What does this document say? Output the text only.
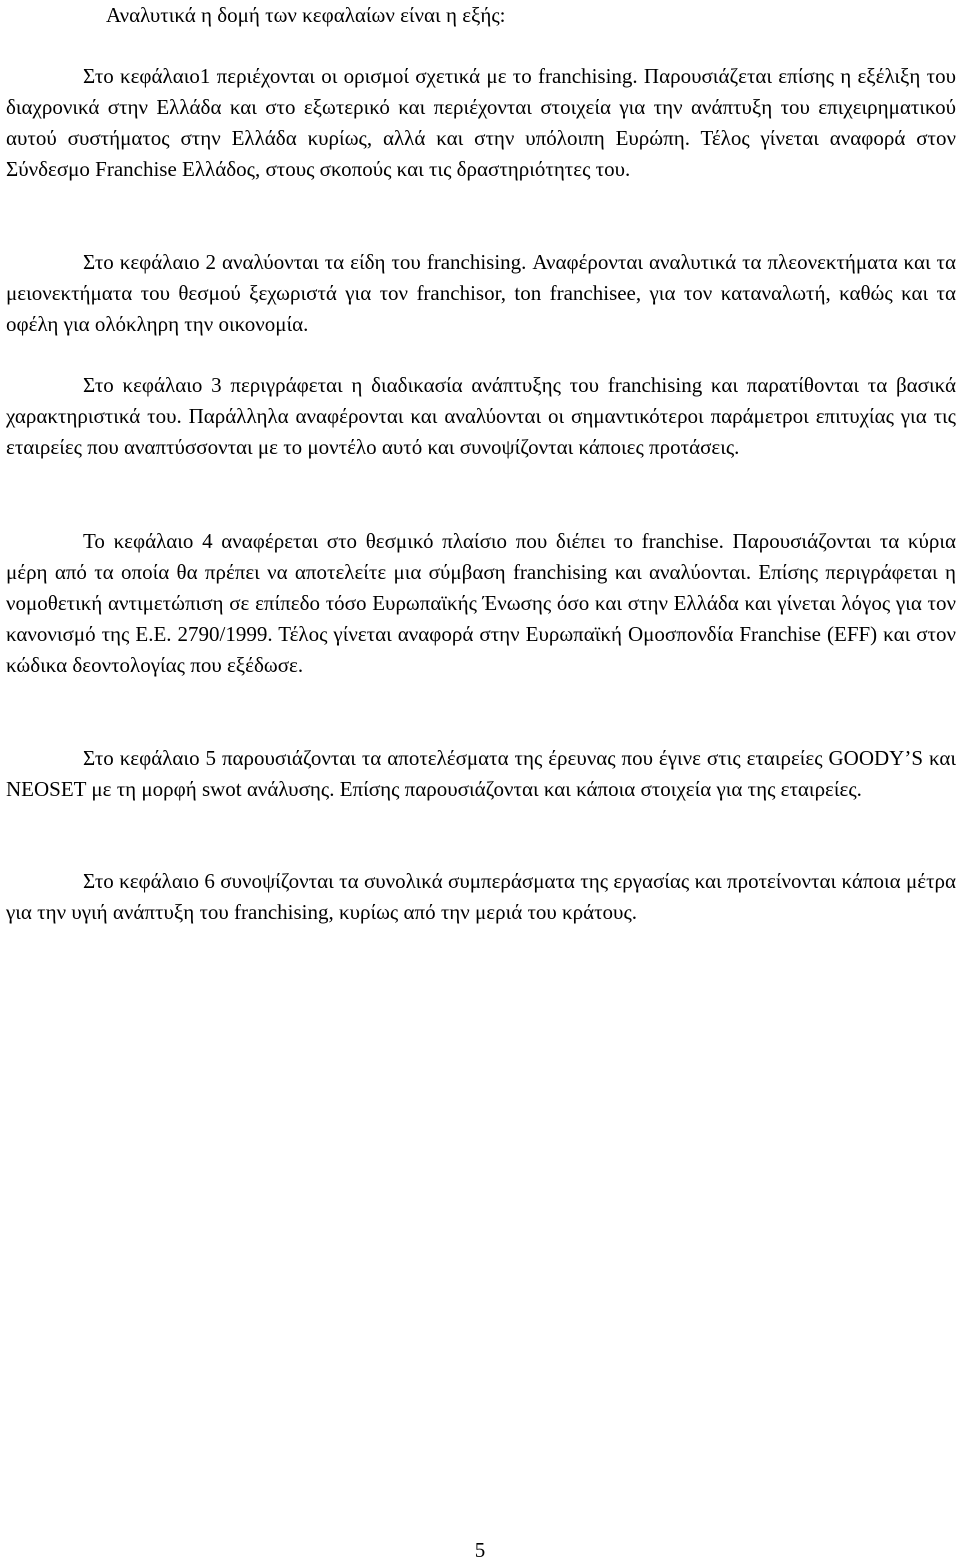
Αναλυτικά η δομή των κεφαλαίων είναι η εξής:

Στο κεφάλαιο1 περιέχονται οι ορισμοί σχετικά με το franchising. Παρουσιάζεται επίσης η εξέλιξη του διαχρονικά στην Ελλάδα και στο εξωτερικό και περιέχονται στοιχεία για την ανάπτυξη του επιχειρηματικού αυτού συστήματος στην Ελλάδα κυρίως, αλλά και στην υπόλοιπη Ευρώπη. Τέλος γίνεται αναφορά στον Σύνδεσμο Franchise Ελλάδος, στους σκοπούς και τις δραστηριότητες του.

Στο κεφάλαιο 2 αναλύονται τα είδη του franchising. Αναφέρονται αναλυτικά τα πλεονεκτήματα και τα μειονεκτήματα του θεσμού ξεχωριστά για τον franchisor, ton franchisee, για τον καταναλωτή, καθώς και τα οφέλη για ολόκληρη την οικονομία.

Στο κεφάλαιο 3 περιγράφεται η διαδικασία ανάπτυξης του franchising και παρατίθονται τα βασικά χαρακτηριστικά του. Παράλληλα αναφέρονται και αναλύονται οι σημαντικότεροι παράμετροι επιτυχίας για τις εταιρείες που αναπτύσσονται με το μοντέλο αυτό και συνοψίζονται κάποιες προτάσεις.

Το κεφάλαιο 4 αναφέρεται στο θεσμικό πλαίσιο που διέπει το franchise. Παρουσιάζονται τα κύρια μέρη από τα οποία θα πρέπει να αποτελείτε μια σύμβαση franchising και αναλύονται. Επίσης περιγράφεται η νομοθετική αντιμετώπιση σε επίπεδο τόσο Ευρωπαϊκής Ένωσης όσο και στην Ελλάδα και γίνεται λόγος για τον κανονισμό της Ε.Ε. 2790/1999. Τέλος γίνεται αναφορά στην Ευρωπαϊκή Ομοσπονδία Franchise (EFF) και στον κώδικα δεοντολογίας που εξέδωσε.

Στο κεφάλαιο 5 παρουσιάζονται τα αποτελέσματα της έρευνας που έγινε στις εταιρείες GOODY’S και NEOSET με τη μορφή swot ανάλυσης. Επίσης παρουσιάζονται και κάποια στοιχεία για της εταιρείες.

Στο κεφάλαιο 6 συνοψίζονται τα συνολικά συμπεράσματα της εργασίας και προτείνονται κάποια μέτρα για την υγιή ανάπτυξη του franchising, κυρίως από την μεριά του κράτους.

5
